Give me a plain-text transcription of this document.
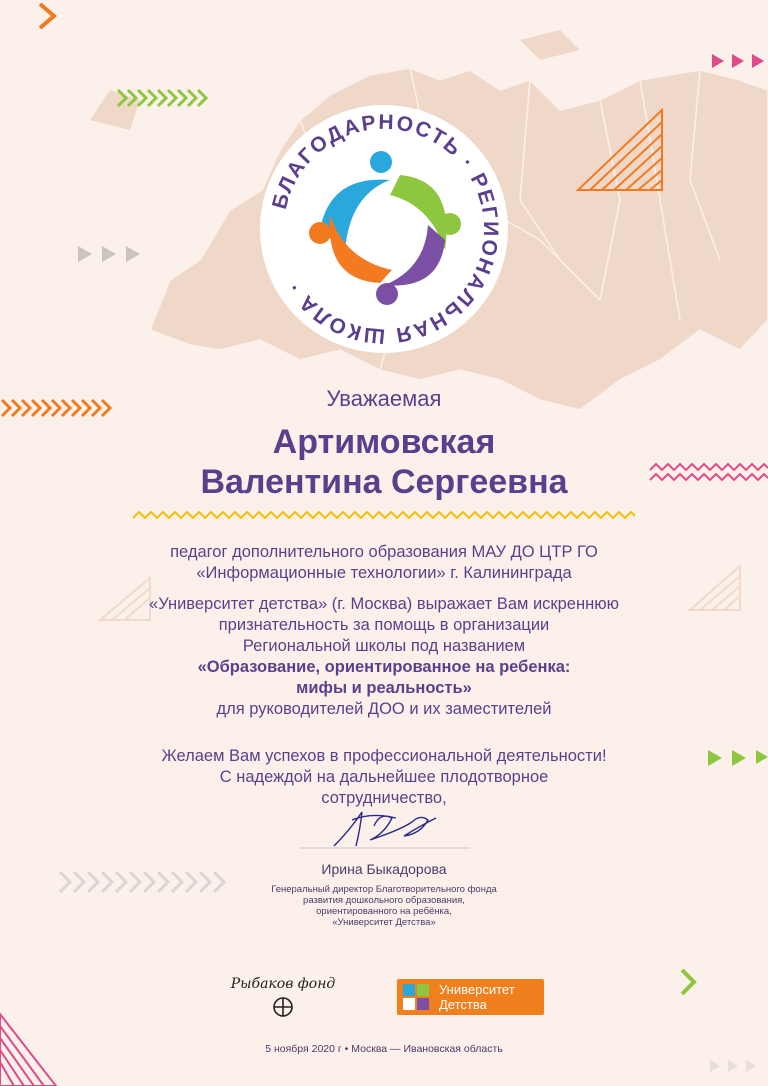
БЛАГОДАРНОСТЬ · РЕГИОНАЛЬНАЯ ШКОЛА ·
Уважаемая
Артимовская
Валентина Сергеевна
педагог дополнительного образования МАУ ДО ЦТР ГО
«Информационные технологии» г. Калининграда
«Университет детства» (г. Москва) выражает Вам искреннюю
признательность за помощь в организации
Региональной школы под названием
«Образование, ориентированное на ребенка:
мифы и реальность»
для руководителей ДОО и их заместителей
Желаем Вам успехов в профессиональной деятельности!
С надеждой на дальнейшее плодотворное
сотрудничество,
Ирина Быкадорова
Генеральный директор Благотворительного фонда
развития дошкольного образования,
ориентированного на ребёнка,
«Университет Детства»
Рыбаков фонд	Университет
Детства
5 ноября 2020 г • Москва — Ивановская область
